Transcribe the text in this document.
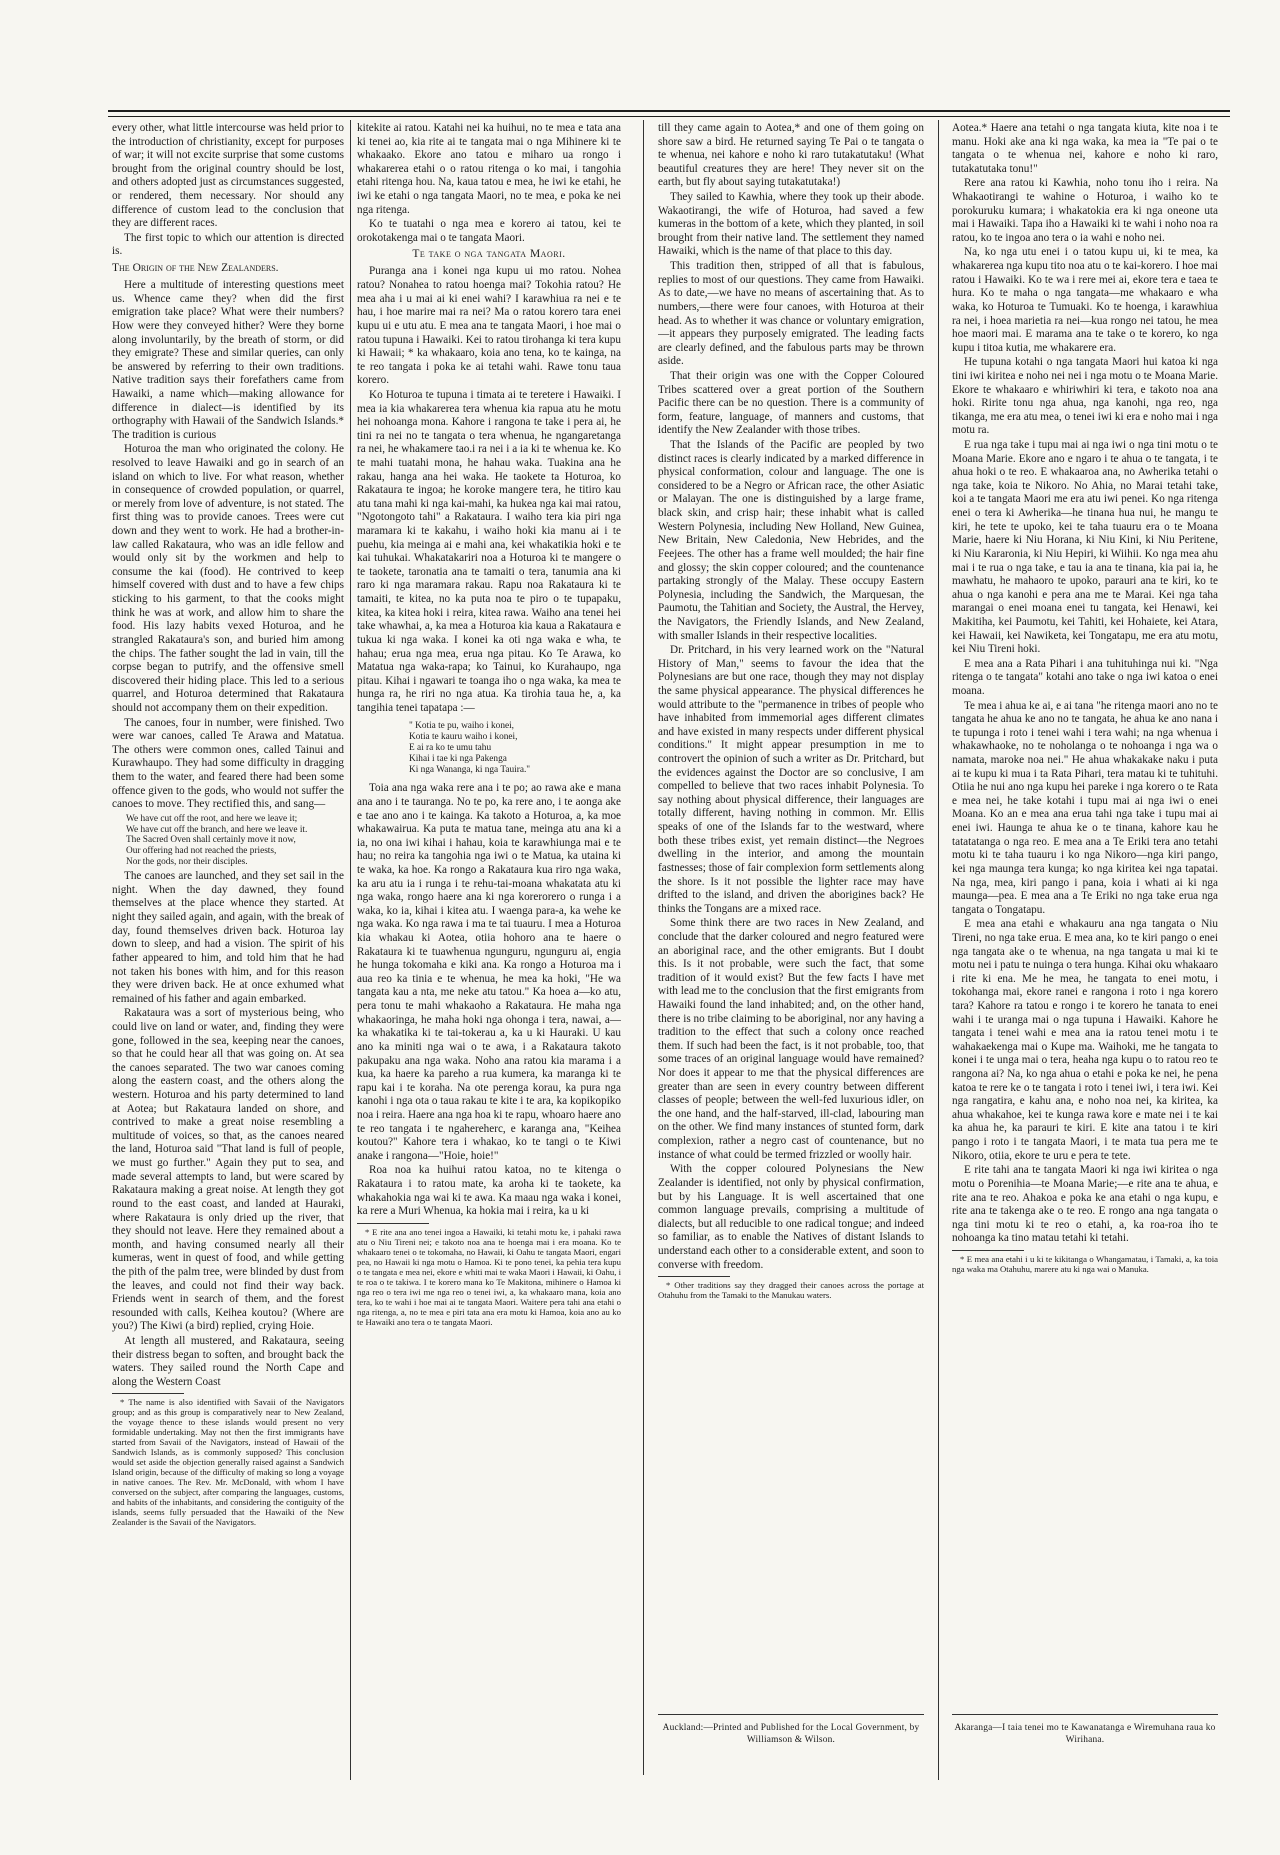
every other, what little intercourse was held prior to the introduction of christianity, except for purposes of war; it will not excite surprise that some customs brought from the original country should be lost, and others adopted just as circumstances suggested, or rendered, them necessary. Nor should any difference of custom lead to the conclusion that they are different races.

The first topic to which our attention is directed is.

The Origin of the New Zealanders.

Here a multitude of interesting questions meet us. Whence came they? when did the first emigration take place? What were their numbers? How were they conveyed hither? Were they borne along involuntarily, by the breath of storm, or did they emigrate? These and similar queries, can only be answered by referring to their own traditions. Native tradition says their forefathers came from Hawaiki, a name which—making allowance for difference in dialect—is identified by its orthography with Hawaii of the Sandwich Islands.* The tradition is curious

Hoturoa the man who originated the colony. He resolved to leave Hawaiki and go in search of an island on which to live. For what reason, whether in consequence of crowded population, or quarrel, or merely from love of adventure, is not stated. The first thing was to provide canoes. Trees were cut down and they went to work. He had a brother-in-law called Rakataura, who was an idle fellow and would only sit by the workmen and help to consume the kai (food). He contrived to keep himself covered with dust and to have a few chips sticking to his garment, to that the cooks might think he was at work, and allow him to share the food. His lazy habits vexed Hoturoa, and he strangled Rakataura's son, and buried him among the chips. The father sought the lad in vain, till the corpse began to putrify, and the offensive smell discovered their hiding place. This led to a serious quarrel, and Hoturoa determined that Rakataura should not accompany them on their expedition.

The canoes, four in number, were finished. Two were war canoes, called Te Arawa and Matatua. The others were common ones, called Tainui and Kurawhaupo. They had some difficulty in dragging them to the water, and feared there had been some offence given to the gods, who would not suffer the canoes to move. They rectified this, and sang—

We have cut off the root, and here we leave it;
We have cut off the branch, and here we leave it.
The Sacred Oven shall certainly move it now,
Our offering had not reached the priests,
Nor the gods, nor their disciples.

The canoes are launched, and they set sail in the night. When the day dawned, they found themselves at the place whence they started. At night they sailed again, and again, with the break of day, found themselves driven back. Hoturoa lay down to sleep, and had a vision. The spirit of his father appeared to him, and told him that he had not taken his bones with him, and for this reason they were driven back. He at once exhumed what remained of his father and again embarked.

Rakataura was a sort of mysterious being, who could live on land or water, and, finding they were gone, followed in the sea, keeping near the canoes, so that he could hear all that was going on. At sea the canoes separated. The two war canoes coming along the eastern coast, and the others along the western. Hoturoa and his party determined to land at Aotea; but Rakataura landed on shore, and contrived to make a great noise resembling a multitude of voices, so that, as the canoes neared the land, Hoturoa said "That land is full of people, we must go further." Again they put to sea, and made several attempts to land, but were scared by Rakataura making a great noise. At length they got round to the east coast, and landed at Hauraki, where Rakataura is only dried up the river, that they should not leave. Here they remained about a month, and having consumed nearly all their kumeras, went in quest of food, and while getting the pith of the palm tree, were blinded by dust from the leaves, and could not find their way back. Friends went in search of them, and the forest resounded with calls, Keihea koutou? (Where are you?) The Kiwi (a bird) replied, crying Hoie.

At length all mustered, and Rakataura, seeing their distress began to soften, and brought back the waters. They sailed round the North Cape and along the Western Coast

* The name is also identified with Savaii of the Navigators group; and as this group is comparatively near to New Zealand, the voyage thence to these islands would present no very formidable undertaking. May not then the first immigrants have started from Savaii of the Navigators, instead of Hawaii of the Sandwich Islands, as is commonly supposed? This conclusion would set aside the objection generally raised against a Sandwich Island origin, because of the difficulty of making so long a voyage in native canoes. The Rev. Mr. McDonald, with whom I have conversed on the subject, after comparing the languages, customs, and habits of the inhabitants, and considering the contiguity of the islands, seems fully persuaded that the Hawaiki of the New Zealander is the Savaii of the Navigators.

kitekite ai ratou. Katahi nei ka huihui, no te mea e tata ana ki tenei ao, kia rite ai te tangata mai o nga Mihinere ki te whakaako. Ekore ano tatou e miharo ua rongo i whakarerea etahi o o ratou ritenga o ko mai, i tangohia etahi ritenga hou. Na, kaua tatou e mea, he iwi ke etahi, he iwi ke etahi o nga tangata Maori, no te mea, e poka ke nei nga ritenga.

Ko te tuatahi o nga mea e korero ai tatou, kei te orokotakenga mai o te tangata Maori.

Te take o nga tangata Maori.

Puranga ana i konei nga kupu ui mo ratou. Nohea ratou? Nonahea to ratou hoenga mai? Tokohia ratou? He mea aha i u mai ai ki enei wahi? I karawhiua ra nei e te hau, i hoe marire mai ra nei? Ma o ratou korero tara enei kupu ui e utu atu. E mea ana te tangata Maori, i hoe mai o ratou tupuna i Hawaiki. Kei to ratou tirohanga ki tera kupu ki Hawaii; * ka whakaaro, koia ano tena, ko te kainga, na te reo tangata i poka ke ai tetahi wahi. Rawe tonu taua korero.

Ko Hoturoa te tupuna i timata ai te teretere i Hawaiki. I mea ia kia whakarerea tera whenua kia rapua atu he motu hei nohoanga mona. Kahore i rangona te take i pera ai, he tini ra nei no te tangata o tera whenua, he ngangaretanga ra nei, he whakamere tao.i ra nei i a ia ki te whenua ke. Ko te mahi tuatahi mona, he hahau waka. Tuakina ana he rakau, hanga ana hei waka. He taokete ta Hoturoa, ko Rakataura te ingoa; he koroke mangere tera, he titiro kau atu tana mahi ki nga kai-mahi, ka hukea nga kai mai ratou, "Ngotongoto tahi" a Rakataura. I waiho tera kia piri nga maramara ki te kakahu, i waiho hoki kia manu ai i te puehu, kia meinga ai e mahi ana, kei whakatikia hoki e te kai tuhukai. Whakatakariri noa a Hoturoa ki te mangere o te taokete, taronatia ana te tamaiti o tera, tanumia ana ki raro ki nga maramara rakau. Rapu noa Rakataura ki te tamaiti, te kitea, no ka puta noa te piro o te tupapaku, kitea, ka kitea hoki i reira, kitea rawa. Waiho ana tenei hei take whawhai, a, ka mea a Hoturoa kia kaua a Rakataura e tukua ki nga waka. I konei ka oti nga waka e wha, te hahau; erua nga mea, erua nga pitau. Ko Te Arawa, ko Matatua nga waka-rapa; ko Tainui, ko Kurahaupo, nga pitau. Kihai i ngawari te toanga iho o nga waka, ka mea te hunga ra, he riri no nga atua. Ka tirohia taua he, a, ka tangihia tenei tapatapa :—

" Kotia te pu, waiho i konei,
Kotia te kauru waiho i konei,
E ai ra ko te umu tahu
Kihai i tae ki nga Pakenga
Ki nga Wananga, ki nga Tauira."

Toia ana nga waka rere ana i te po; ao rawa ake e mana ana ano i te tauranga. No te po, ka rere ano, i te aonga ake e tae ano ano i te kainga. Ka takoto a Hoturoa, a, ka moe whakawairua. Ka puta te matua tane, meinga atu ana ki a ia, no ona iwi kihai i hahau, koia te karawhiunga mai e te hau; no reira ka tangohia nga iwi o te Matua, ka utaina ki te waka, ka hoe. Ka rongo a Rakataura kua riro nga waka, ka aru atu ia i runga i te rehu-tai-moana whakatata atu ki nga waka, rongo haere ana ki nga korerorero o runga i a waka, ko ia, kihai i kitea atu. I waenga para-a, ka wehe ke nga waka. Ko nga rawa i ma te tai tuauru. I mea a Hoturoa kia whakau ki Aotea, otiia hohoro ana te haere o Rakataura ki te tuawhenua ngunguru, ngunguru ai, engia he hunga tokomaha e kiki ana. Ka rongo a Hoturoa ma i aua reo ka tinia e te whenua, he mea ka hoki, "He wa tangata kau a nta, me neke atu tatou." Ka hoea a—ko atu, pera tonu te mahi whakaoho a Rakataura. He maha nga whakaoringa, he maha hoki nga ohonga i tera, nawai, a—ka whakatika ki te tai-tokerau a, ka u ki Hauraki. U kau ano ka miniti nga wai o te awa, i a Rakataura takoto pakupaku ana nga waka. Noho ana ratou kia marama i a kua, ka haere ka pareho a rua kumera, ka maranga ki te rapu kai i te koraha. Na ote perenga korau, ka pura nga kanohi i nga ota o taua rakau te kite i te ara, ka kopikopiko noa i reira. Haere ana nga hoa ki te rapu, whoaro haere ano te reo tangata i te ngahereherc, e karanga ana, "Keihea koutou?" Kahore tera i whakao, ko te tangi o te Kiwi anake i rangona—"Hoie, hoie!"

Roa noa ka huihui ratou katoa, no te kitenga o Rakataura i to ratou mate, ka aroha ki te taokete, ka whakahokia nga wai ki te awa. Ka maau nga waka i konei, ka rere a Muri Whenua, ka hokia mai i reira, ka u ki

* E rite ana ano tenei ingoa a Hawaiki, ki tetahi motu ke, i pahaki rawa atu o Niu Tireni nei; e takoto noa ana te hoenga mai i era moana. Ko te whakaaro tenei o te tokomaha, no Hawaii, ki Oahu te tangata Maori, engari pea, no Hawaii ki nga motu o Hamoa. Ki te pono tenei, ka pehia tera kupu o te tangata e mea nei, ekore e whiti mai te waka Maori i Hawaii, ki Oahu, i te roa o te takiwa. I te korero mana ko Te Makitona, mihinere o Hamoa ki nga reo o tera iwi me nga reo o tenei iwi, a, ka whakaaro mana, koia ano tera, ko te wahi i hoe mai ai te tangata Maori. Waitere pera tahi ana etahi o nga ritenga, a, no te mea e piri tata ana era motu ki Hamoa, koia ano au ko te Hawaiki ano tera o te tangata Maori.

till they came again to Aotea,* and one of them going on shore saw a bird. He returned saying Te Pai o te tangata o te whenua, nei kahore e noho ki raro tutakatutaku! (What beautiful creatures they are here! They never sit on the earth, but fly about saying tutakatutaka!)

They sailed to Kawhia, where they took up their abode. Wakaotirangi, the wife of Hoturoa, had saved a few kumeras in the bottom of a kete, which they planted, in soil brought from their native land. The settlement they named Hawaiki, which is the name of that place to this day.

This tradition then, stripped of all that is fabulous, replies to most of our questions. They came from Hawaiki. As to date,—we have no means of ascertaining that. As to numbers,—there were four canoes, with Hoturoa at their head. As to whether it was chance or voluntary emigration,—it appears they purposely emigrated. The leading facts are clearly defined, and the fabulous parts may be thrown aside.

That their origin was one with the Copper Coloured Tribes scattered over a great portion of the Southern Pacific there can be no question. There is a community of form, feature, language, of manners and customs, that identify the New Zealander with those tribes.

That the Islands of the Pacific are peopled by two distinct races is clearly indicated by a marked difference in physical conformation, colour and language. The one is considered to be a Negro or African race, the other Asiatic or Malayan. The one is distinguished by a large frame, black skin, and crisp hair; these inhabit what is called Western Polynesia, including New Holland, New Guinea, New Britain, New Caledonia, New Hebrides, and the Feejees. The other has a frame well moulded; the hair fine and glossy; the skin copper coloured; and the countenance partaking strongly of the Malay. These occupy Eastern Polynesia, including the Sandwich, the Marquesan, the Paumotu, the Tahitian and Society, the Austral, the Hervey, the Navigators, the Friendly Islands, and New Zealand, with smaller Islands in their respective localities.

Dr. Pritchard, in his very learned work on the "Natural History of Man," seems to favour the idea that the Polynesians are but one race, though they may not display the same physical appearance. The physical differences he would attribute to the "permanence in tribes of people who have inhabited from immemorial ages different climates and have existed in many respects under different physical conditions." It might appear presumption in me to controvert the opinion of such a writer as Dr. Pritchard, but the evidences against the Doctor are so conclusive, I am compelled to believe that two races inhabit Polynesia. To say nothing about physical difference, their languages are totally different, having nothing in common. Mr. Ellis speaks of one of the Islands far to the westward, where both these tribes exist, yet remain distinct—the Negroes dwelling in the interior, and among the mountain fastnesses; those of fair complexion form settlements along the shore. Is it not possible the lighter race may have drifted to the island, and driven the aborigines back? He thinks the Tongans are a mixed race.

Some think there are two races in New Zealand, and conclude that the darker coloured and negro featured were an aboriginal race, and the other emigrants. But I doubt this. Is it not probable, were such the fact, that some tradition of it would exist? But the few facts I have met with lead me to the conclusion that the first emigrants from Hawaiki found the land inhabited; and, on the other hand, there is no tribe claiming to be aboriginal, nor any having a tradition to the effect that such a colony once reached them. If such had been the fact, is it not probable, too, that some traces of an original language would have remained? Nor does it appear to me that the physical differences are greater than are seen in every country between different classes of people; between the well-fed luxurious idler, on the one hand, and the half-starved, ill-clad, labouring man on the other. We find many instances of stunted form, dark complexion, rather a negro cast of countenance, but no instance of what could be termed frizzled or woolly hair.

With the copper coloured Polynesians the New Zealander is identified, not only by physical confirmation, but by his Language. It is well ascertained that one common language prevails, comprising a multitude of dialects, but all reducible to one radical tongue; and indeed so familiar, as to enable the Natives of distant Islands to understand each other to a considerable extent, and soon to converse with freedom.

* Other traditions say they dragged their canoes across the portage at Otahuhu from the Tamaki to the Manukau waters.

Aotea.* Haere ana tetahi o nga tangata kiuta, kite noa i te manu. Hoki ake ana ki nga waka, ka mea ia "Te pai o te tangata o te whenua nei, kahore e noho ki raro, tutakatutaka tonu!"

Rere ana ratou ki Kawhia, noho tonu iho i reira. Na Whakaotirangi te wahine o Hoturoa, i waiho ko te porokuruku kumara; i whakatokia era ki nga oneone uta mai i Hawaiki. Tapa iho a Hawaiki ki te wahi i noho noa ra ratou, ko te ingoa ano tera o ia wahi e noho nei.

Na, ko nga utu enei i o tatou kupu ui, ki te mea, ka whakarerea nga kupu tito noa atu o te kai-korero. I hoe mai ratou i Hawaiki. Ko te wa i rere mei ai, ekore tera e taea te hura. Ko te maha o nga tangata—me whakaaro e wha waka, ko Hoturoa te Tumuaki. Ko te hoenga, i karawhiua ra nei, i hoea marietia ra nei—kua rongo nei tatou, he mea hoe maori mai. E marama ana te take o te korero, ko nga kupu i titoa kutia, me whakarere era.

He tupuna kotahi o nga tangata Maori hui katoa ki nga tini iwi kiritea e noho nei nei i nga motu o te Moana Marie. Ekore te whakaaro e whiriwhiri ki tera, e takoto noa ana hoki. Ririte tonu nga ahua, nga kanohi, nga reo, nga tikanga, me era atu mea, o tenei iwi ki era e noho mai i nga motu ra.

E rua nga take i tupu mai ai nga iwi o nga tini motu o te Moana Marie. Ekore ano e ngaro i te ahua o te tangata, i te ahua hoki o te reo. E whakaaroa ana, no Awherika tetahi o nga take, koia te Nikoro. No Ahia, no Marai tetahi take, koi a te tangata Maori me era atu iwi penei. Ko nga ritenga enei o tera ki Awherika—he tinana hua nui, he mangu te kiri, he tete te upoko, kei te taha tuauru era o te Moana Marie, haere ki Niu Horana, ki Niu Kini, ki Niu Peritene, ki Niu Kararonia, ki Niu Hepiri, ki Wiihii. Ko nga mea ahu mai i te rua o nga take, e tau ia ana te tinana, kia pai ia, he mawhatu, he mahaoro te upoko, parauri ana te kiri, ko te ahua o nga kanohi e pera ana me te Marai. Kei nga taha marangai o enei moana enei tu tangata, kei Henawi, kei Makitiha, kei Paumotu, kei Tahiti, kei Hohaiete, kei Atara, kei Hawaii, kei Nawiketa, kei Tongatapu, me era atu motu, kei Niu Tireni hoki.

E mea ana a Rata Pihari i ana tuhituhinga nui ki. "Nga ritenga o te tangata" kotahi ano take o nga iwi katoa o enei moana.

Te mea i ahua ke ai, e ai tana "he ritenga maori ano no te tangata he ahua ke ano no te tangata, he ahua ke ano nana i te tupunga i roto i tenei wahi i tera wahi; na nga whenua i whakawhaoke, no te noholanga o te nohoanga i nga wa o namata, maroke noa nei." He ahua whakakake naku i puta ai te kupu ki mua i ta Rata Pihari, tera matau ki te tuhituhi. Otiia he nui ano nga kupu hei pareke i nga korero o te Rata e mea nei, he take kotahi i tupu mai ai nga iwi o enei Moana. Ko an e mea ana erua tahi nga take i tupu mai ai enei iwi. Haunga te ahua ke o te tinana, kahore kau he tatatatanga o nga reo. E mea ana a Te Eriki tera ano tetahi motu ki te taha tuauru i ko nga Nikoro—nga kiri pango, kei nga maunga tera kunga; ko nga kiritea kei nga tapatai. Na nga, mea, kiri pango i pana, koia i whati ai ki nga maunga—pea. E mea ana a Te Eriki no nga take erua nga tangata o Tongatapu.

E mea ana etahi e whakauru ana nga tangata o Niu Tireni, no nga take erua. E mea ana, ko te kiri pango o enei nga tangata ake o te whenua, na nga tangata u mai ki te motu nei i patu te nuinga o tera hunga. Kihai oku whakaaro i rite ki ena. Me he mea, he tangata to enei motu, i tokohanga mai, ekore ranei e rangona i roto i nga korero tara? Kahore ra tatou e rongo i te korero he tanata to enei wahi i te uranga mai o nga tupuna i Hawaiki. Kahore he tangata i tenei wahi e mea ana ia ratou tenei motu i te wahakaekenga mai o Kupe ma. Waihoki, me he tangata to konei i te unga mai o tera, heaha nga kupu o to ratou reo te rangona ai? Na, ko nga ahua o etahi e poka ke nei, he pena katoa te rere ke o te tangata i roto i tenei iwi, i tera iwi. Kei nga rangatira, e kahu ana, e noho noa nei, ka kiritea, ka ahua whakahoe, kei te kunga rawa kore e mate nei i te kai ka ahua he, ka parauri te kiri. E kite ana tatou i te kiri pango i roto i te tangata Maori, i te mata tua pera me te Nikoro, otiia, ekore te uru e pera te tete.

E rite tahi ana te tangata Maori ki nga iwi kiritea o nga motu o Porenihia—te Moana Marie;—e rite ana te ahua, e rite ana te reo. Ahakoa e poka ke ana etahi o nga kupu, e rite ana te takenga ake o te reo. E rongo ana nga tangata o nga tini motu ki te reo o etahi, a, ka roa-roa iho te nohoanga ka tino matau tetahi ki tetahi.

* E mea ana etahi i u ki te kikitanga o Whangamatau, i Tamaki, a, ka toia nga waka ma Otahuhu, marere atu ki nga wai o Manuka.

Auckland:—Printed and Published for the Local Government, by Williamson & Wilson.
Akaranga—I taia tenei mo te Kawanatanga e Wiremuhana raua ko Wirihana.
